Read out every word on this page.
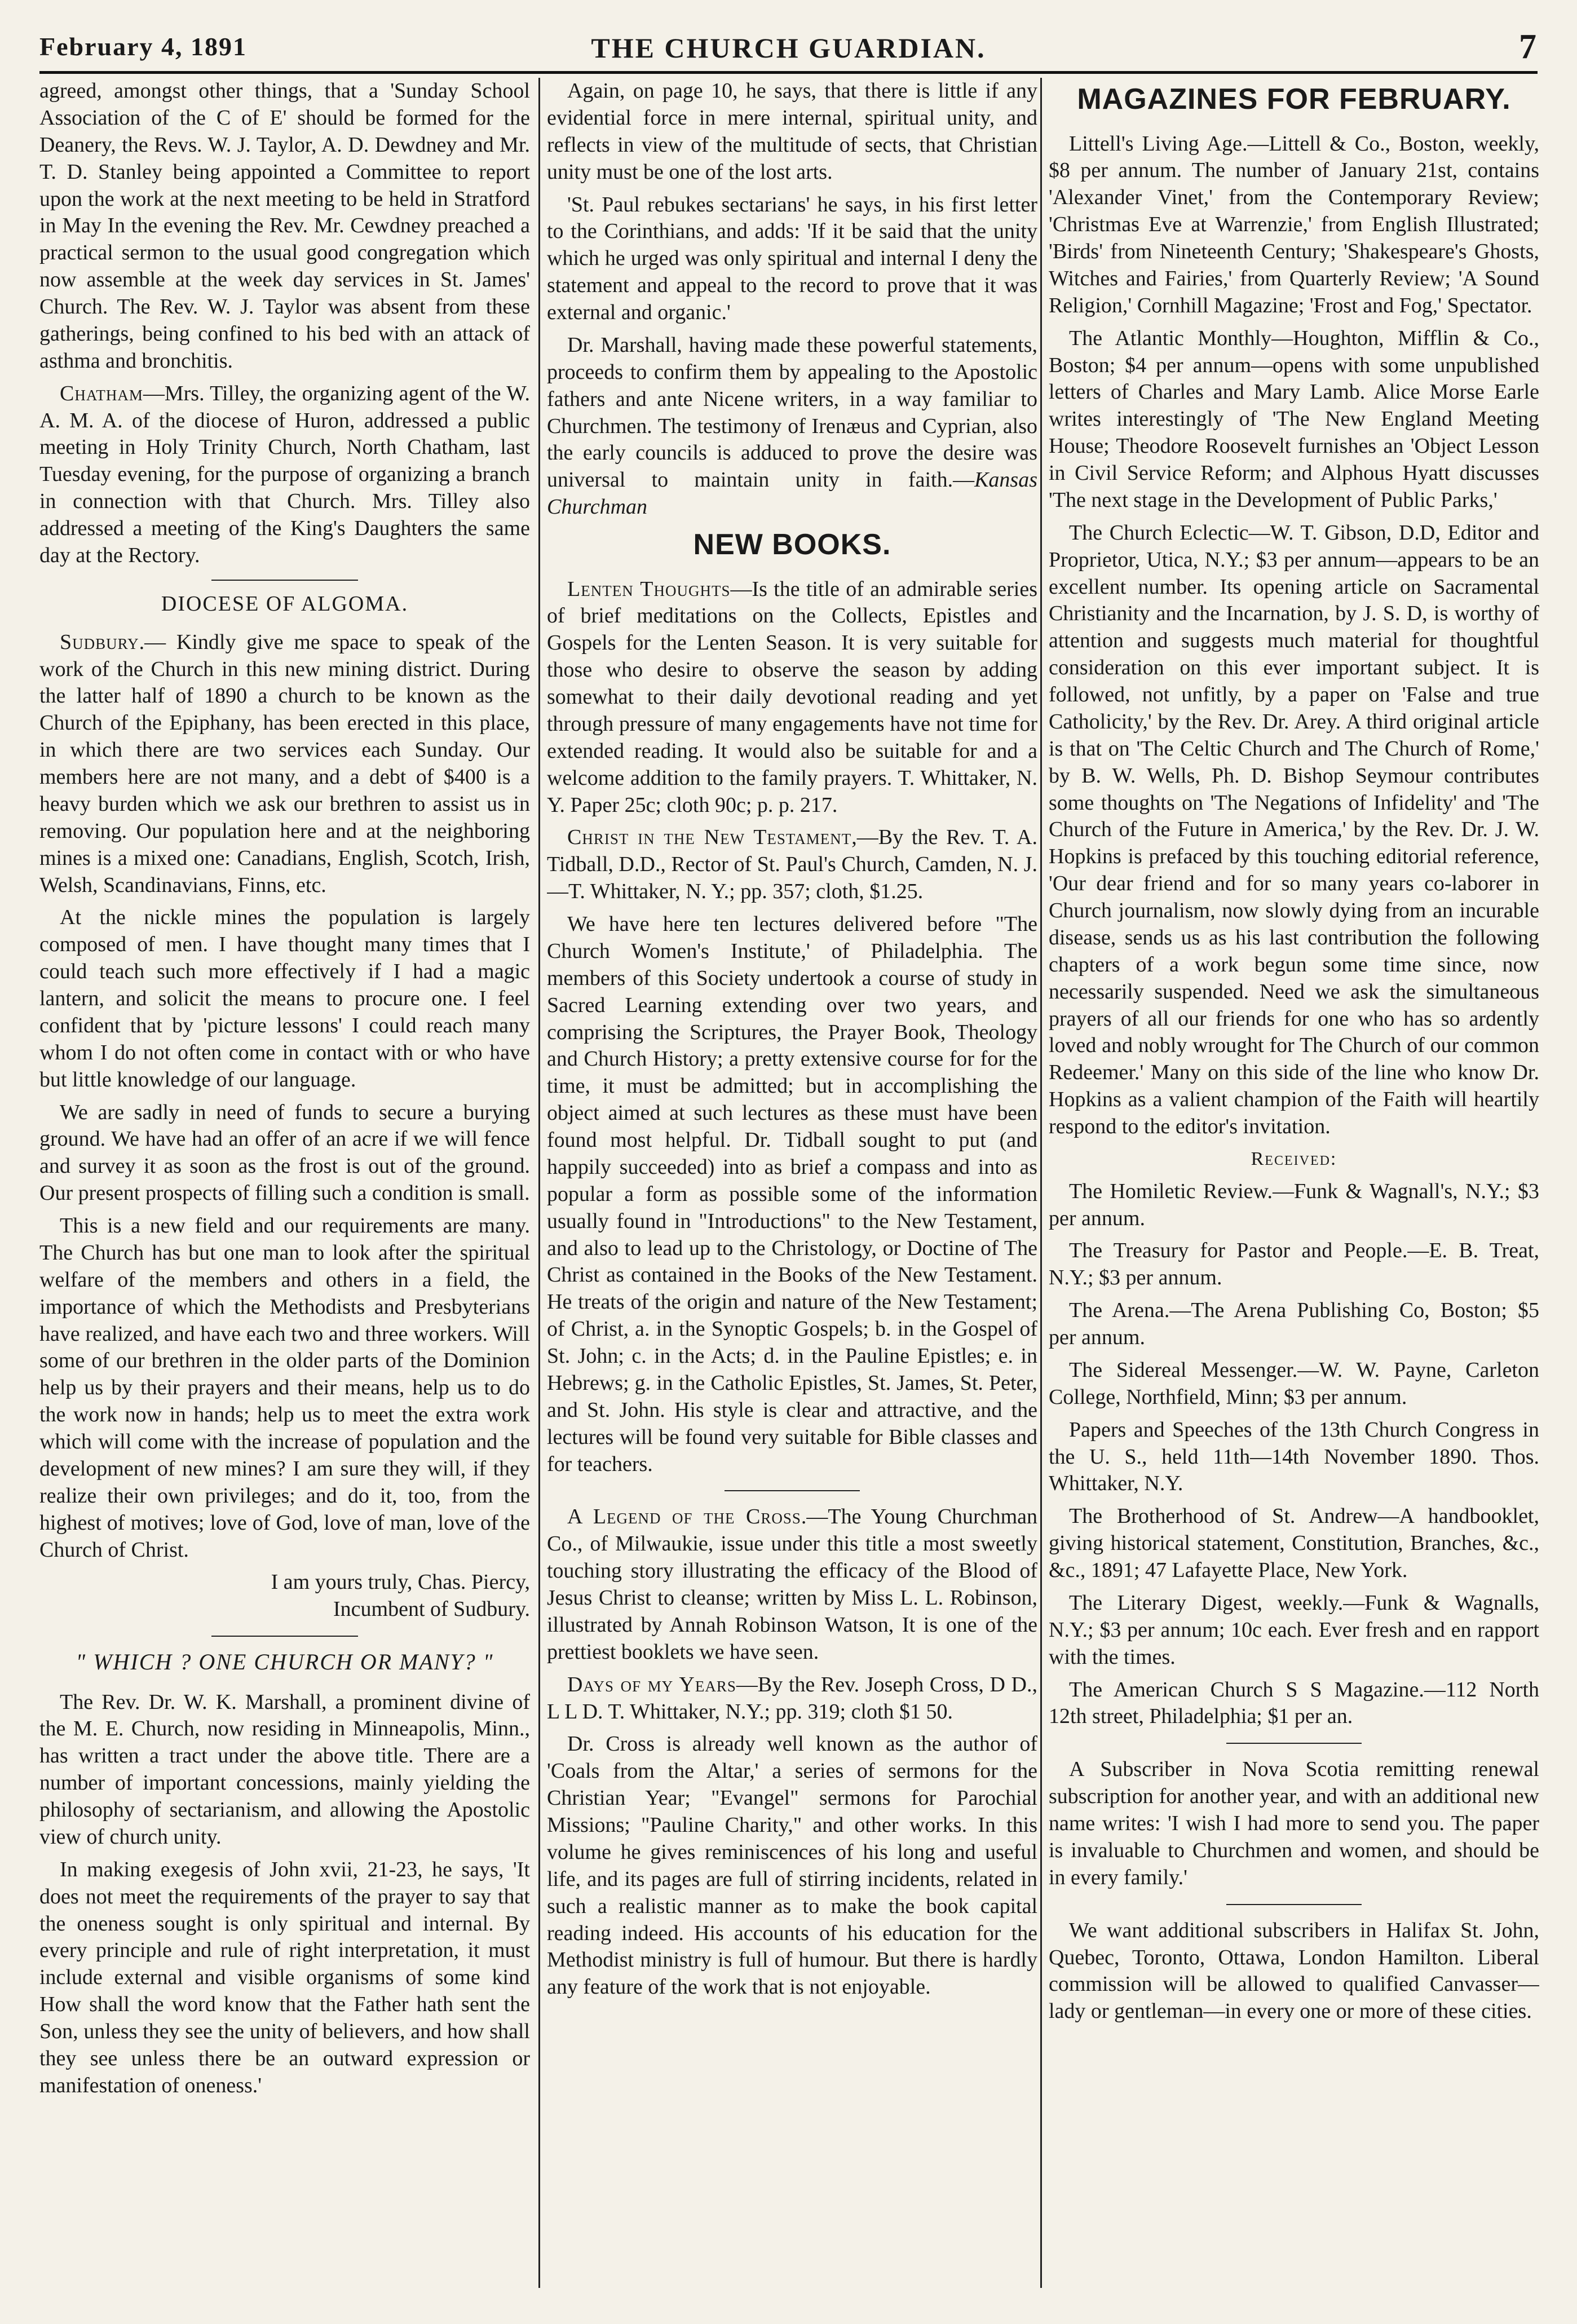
February 4, 1891	THE CHURCH GUARDIAN.	7

agreed, amongst other things, that a 'Sunday School Association of the C of E' should be formed for the Deanery, the Revs. W. J. Taylor, A. D. Dewdney and Mr. T. D. Stanley being appointed a Committee to report upon the work at the next meeting to be held in Stratford in May In the evening the Rev. Mr. Cewdney preached a practical sermon to the usual good congregation which now assemble at the week day services in St. James' Church. The Rev. W. J. Taylor was absent from these gatherings, being confined to his bed with an attack of asthma and bronchitis.

Chatham—Mrs. Tilley, the organizing agent of the W. A. M. A. of the diocese of Huron, addressed a public meeting in Holy Trinity Church, North Chatham, last Tuesday evening, for the purpose of organizing a branch in connection with that Church. Mrs. Tilley also addressed a meeting of the King's Daughters the same day at the Rectory.

DIOCESE OF ALGOMA.

Sudbury.— Kindly give me space to speak of the work of the Church in this new mining district. During the latter half of 1890 a church to be known as the Church of the Epiphany, has been erected in this place, in which there are two services each Sunday. Our members here are not many, and a debt of $400 is a heavy burden which we ask our brethren to assist us in removing. Our population here and at the neighboring mines is a mixed one: Canadians, English, Scotch, Irish, Welsh, Scandinavians, Finns, etc.

At the nickle mines the population is largely composed of men. I have thought many times that I could teach such more effectively if I had a magic lantern, and solicit the means to procure one. I feel confident that by 'picture lessons' I could reach many whom I do not often come in contact with or who have but little knowledge of our language.

We are sadly in need of funds to secure a burying ground. We have had an offer of an acre if we will fence and survey it as soon as the frost is out of the ground. Our present prospects of filling such a condition is small.

This is a new field and our requirements are many. The Church has but one man to look after the spiritual welfare of the members and others in a field, the importance of which the Methodists and Presbyterians have realized, and have each two and three workers. Will some of our brethren in the older parts of the Dominion help us by their prayers and their means, help us to do the work now in hands; help us to meet the extra work which will come with the increase of population and the development of new mines? I am sure they will, if they realize their own privileges; and do it, too, from the highest of motives; love of God, love of man, love of the Church of Christ.

I am yours truly, Chas. Piercy,

Incumbent of Sudbury.

" WHICH ? ONE CHURCH OR MANY? "

The Rev. Dr. W. K. Marshall, a prominent divine of the M. E. Church, now residing in Minneapolis, Minn., has written a tract under the above title. There are a number of important concessions, mainly yielding the philosophy of sectarianism, and allowing the Apostolic view of church unity.

In making exegesis of John xvii, 21-23, he says, 'It does not meet the requirements of the prayer to say that the oneness sought is only spiritual and internal. By every principle and rule of right interpretation, it must include external and visible organisms of some kind How shall the word know that the Father hath sent the Son, unless they see the unity of believers, and how shall they see unless there be an outward expression or manifestation of oneness.'

Again, on page 10, he says, that there is little if any evidential force in mere internal, spiritual unity, and reflects in view of the multitude of sects, that Christian unity must be one of the lost arts.

'St. Paul rebukes sectarians' he says, in his first letter to the Corinthians, and adds: 'If it be said that the unity which he urged was only spiritual and internal I deny the statement and appeal to the record to prove that it was external and organic.'

Dr. Marshall, having made these powerful statements, proceeds to confirm them by appealing to the Apostolic fathers and ante Nicene writers, in a way familiar to Churchmen. The testimony of Irenæus and Cyprian, also the early councils is adduced to prove the desire was universal to maintain unity in faith.—Kansas Churchman

NEW BOOKS.

Lenten Thoughts—Is the title of an admirable series of brief meditations on the Collects, Epistles and Gospels for the Lenten Season. It is very suitable for those who desire to observe the season by adding somewhat to their daily devotional reading and yet through pressure of many engagements have not time for extended reading. It would also be suitable for and a welcome addition to the family prayers. T. Whittaker, N. Y. Paper 25c; cloth 90c; p. p. 217.

Christ in the New Testament,—By the Rev. T. A. Tidball, D.D., Rector of St. Paul's Church, Camden, N. J.—T. Whittaker, N. Y.; pp. 357; cloth, $1.25.

We have here ten lectures delivered before "The Church Women's Institute,' of Philadelphia. The members of this Society undertook a course of study in Sacred Learning extending over two years, and comprising the Scriptures, the Prayer Book, Theology and Church History; a pretty extensive course for for the time, it must be admitted; but in accomplishing the object aimed at such lectures as these must have been found most helpful. Dr. Tidball sought to put (and happily succeeded) into as brief a compass and into as popular a form as possible some of the information usually found in "Introductions" to the New Testament, and also to lead up to the Christology, or Doctine of The Christ as contained in the Books of the New Testament. He treats of the origin and nature of the New Testament; of Christ, a. in the Synoptic Gospels; b. in the Gospel of St. John; c. in the Acts; d. in the Pauline Epistles; e. in Hebrews; g. in the Catholic Epistles, St. James, St. Peter, and St. John. His style is clear and attractive, and the lectures will be found very suitable for Bible classes and for teachers.

A Legend of the Cross.—The Young Churchman Co., of Milwaukie, issue under this title a most sweetly touching story illustrating the efficacy of the Blood of Jesus Christ to cleanse; written by Miss L. L. Robinson, illustrated by Annah Robinson Watson, It is one of the prettiest booklets we have seen.

Days of my Years—By the Rev. Joseph Cross, D D., L L D. T. Whittaker, N.Y.; pp. 319; cloth $1 50.

Dr. Cross is already well known as the author of 'Coals from the Altar,' a series of sermons for the Christian Year; "Evangel" sermons for Parochial Missions; "Pauline Charity," and other works. In this volume he gives reminiscences of his long and useful life, and its pages are full of stirring incidents, related in such a realistic manner as to make the book capital reading indeed. His accounts of his education for the Methodist ministry is full of humour. But there is hardly any feature of the work that is not enjoyable.

MAGAZINES FOR FEBRUARY.

Littell's Living Age.—Littell & Co., Boston, weekly, $8 per annum. The number of January 21st, contains 'Alexander Vinet,' from the Contemporary Review; 'Christmas Eve at Warrenzie,' from English Illustrated; 'Birds' from Nineteenth Century; 'Shakespeare's Ghosts, Witches and Fairies,' from Quarterly Review; 'A Sound Religion,' Cornhill Magazine; 'Frost and Fog,' Spectator.

The Atlantic Monthly—Houghton, Mifflin & Co., Boston; $4 per annum—opens with some unpublished letters of Charles and Mary Lamb. Alice Morse Earle writes interestingly of 'The New England Meeting House; Theodore Roosevelt furnishes an 'Object Lesson in Civil Service Reform; and Alphous Hyatt discusses 'The next stage in the Development of Public Parks,'

The Church Eclectic—W. T. Gibson, D.D, Editor and Proprietor, Utica, N.Y.; $3 per annum—appears to be an excellent number. Its opening article on Sacramental Christianity and the Incarnation, by J. S. D, is worthy of attention and suggests much material for thoughtful consideration on this ever important subject. It is followed, not unfitly, by a paper on 'False and true Catholicity,' by the Rev. Dr. Arey. A third original article is that on 'The Celtic Church and The Church of Rome,' by B. W. Wells, Ph. D. Bishop Seymour contributes some thoughts on 'The Negations of Infidelity' and 'The Church of the Future in America,' by the Rev. Dr. J. W. Hopkins is prefaced by this touching editorial reference, 'Our dear friend and for so many years co-laborer in Church journalism, now slowly dying from an incurable disease, sends us as his last contribution the following chapters of a work begun some time since, now necessarily suspended. Need we ask the simultaneous prayers of all our friends for one who has so ardently loved and nobly wrought for The Church of our common Redeemer.' Many on this side of the line who know Dr. Hopkins as a valient champion of the Faith will heartily respond to the editor's invitation.

Received:

The Homiletic Review.—Funk & Wagnall's, N.Y.; $3 per annum.

The Treasury for Pastor and People.—E. B. Treat, N.Y.; $3 per annum.

The Arena.—The Arena Publishing Co, Boston; $5 per annum.

The Sidereal Messenger.—W. W. Payne, Carleton College, Northfield, Minn; $3 per annum.

Papers and Speeches of the 13th Church Congress in the U. S., held 11th—14th November 1890. Thos. Whittaker, N.Y.

The Brotherhood of St. Andrew—A handbooklet, giving historical statement, Constitution, Branches, &c., &c., 1891; 47 Lafayette Place, New York.

The Literary Digest, weekly.—Funk & Wagnalls, N.Y.; $3 per annum; 10c each. Ever fresh and en rapport with the times.

The American Church S S Magazine.—112 North 12th street, Philadelphia; $1 per an.

A Subscriber in Nova Scotia remitting renewal subscription for another year, and with an additional new name writes: 'I wish I had more to send you. The paper is invaluable to Churchmen and women, and should be in every family.'

We want additional subscribers in Halifax St. John, Quebec, Toronto, Ottawa, London Hamilton. Liberal commission will be allowed to qualified Canvasser—lady or gentleman—in every one or more of these cities.
